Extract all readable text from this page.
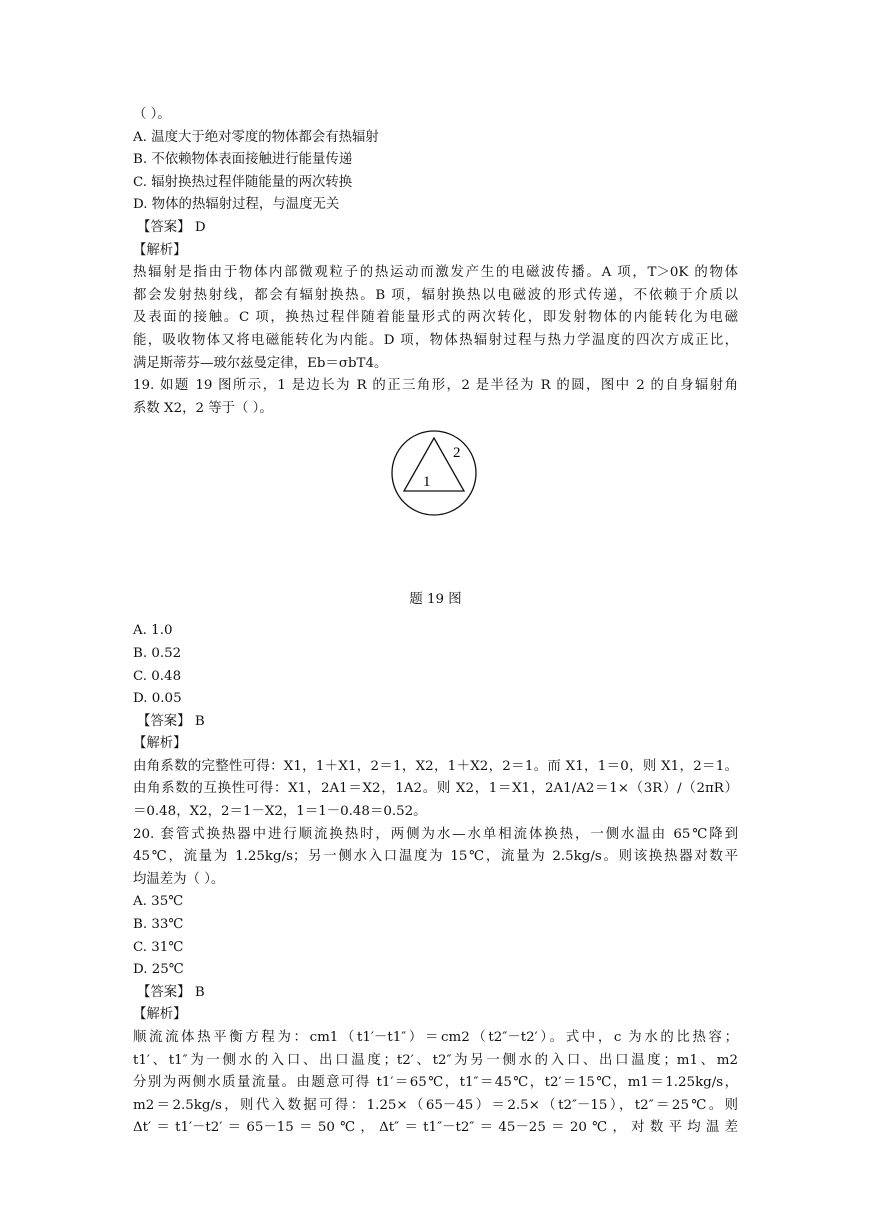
（ ）。
A. 温度大于绝对零度的物体都会有热辐射
B. 不依赖物体表面接触进行能量传递
C. 辐射换热过程伴随能量的两次转换
D. 物体的热辐射过程，与温度无关
【答案】 D
【解析】
热辐射是指由于物体内部微观粒子的热运动而激发产生的电磁波传播。A 项，T＞0K 的物体
都会发射热射线，都会有辐射换热。B 项，辐射换热以电磁波的形式传递，不依赖于介质以
及表面的接触。C 项，换热过程伴随着能量形式的两次转化，即发射物体的内能转化为电磁
能，吸收物体又将电磁能转化为内能。D 项，物体热辐射过程与热力学温度的四次方成正比，
满足斯蒂芬—玻尔兹曼定律，Eb＝σbT4。
19. 如题 19 图所示，1 是边长为 R 的正三角形，2 是半径为 R 的圆，图中 2 的自身辐射角
系数 X2，2 等于（ ）。
1
2
题 19 图
A. 1.0
B. 0.52
C. 0.48
D. 0.05
【答案】 B
【解析】
由角系数的完整性可得：X1，1＋X1，2＝1，X2，1＋X2，2＝1。而 X1，1＝0，则 X1，2＝1。
由角系数的互换性可得：X1，2A1＝X2，1A2。则 X2，1＝X1，2A1/A2＝1×（3R）/（2πR）
＝0.48，X2，2＝1－X2，1＝1－0.48＝0.52。
20. 套管式换热器中进行顺流换热时，两侧为水—水单相流体换热，一侧水温由 65℃降到
45℃，流量为 1.25kg/s；另一侧水入口温度为 15℃，流量为 2.5kg/s。则该换热器对数平
均温差为（ ）。
A. 35℃
B. 33℃
C. 31℃
D. 25℃
【答案】 B
【解析】
顺流流体热平衡方程为：cm1（t1′－t1″）＝cm2（t2″－t2′）。式中，c 为水的比热容；
t1′、t1″为一侧水的入口、出口温度；t2′、t2″为另一侧水的入口、出口温度；m1、m2
分别为两侧水质量流量。由题意可得 t1′＝65℃，t1″＝45℃，t2′＝15℃，m1＝1.25kg/s，
m2＝2.5kg/s，则代入数据可得：1.25×（65－45）＝2.5×（t2″－15），t2″＝25℃。则
Δt′＝t1′－t2′＝65－15＝50℃，Δt″＝t1″－t2″＝45－25＝20℃，对数平均温差
